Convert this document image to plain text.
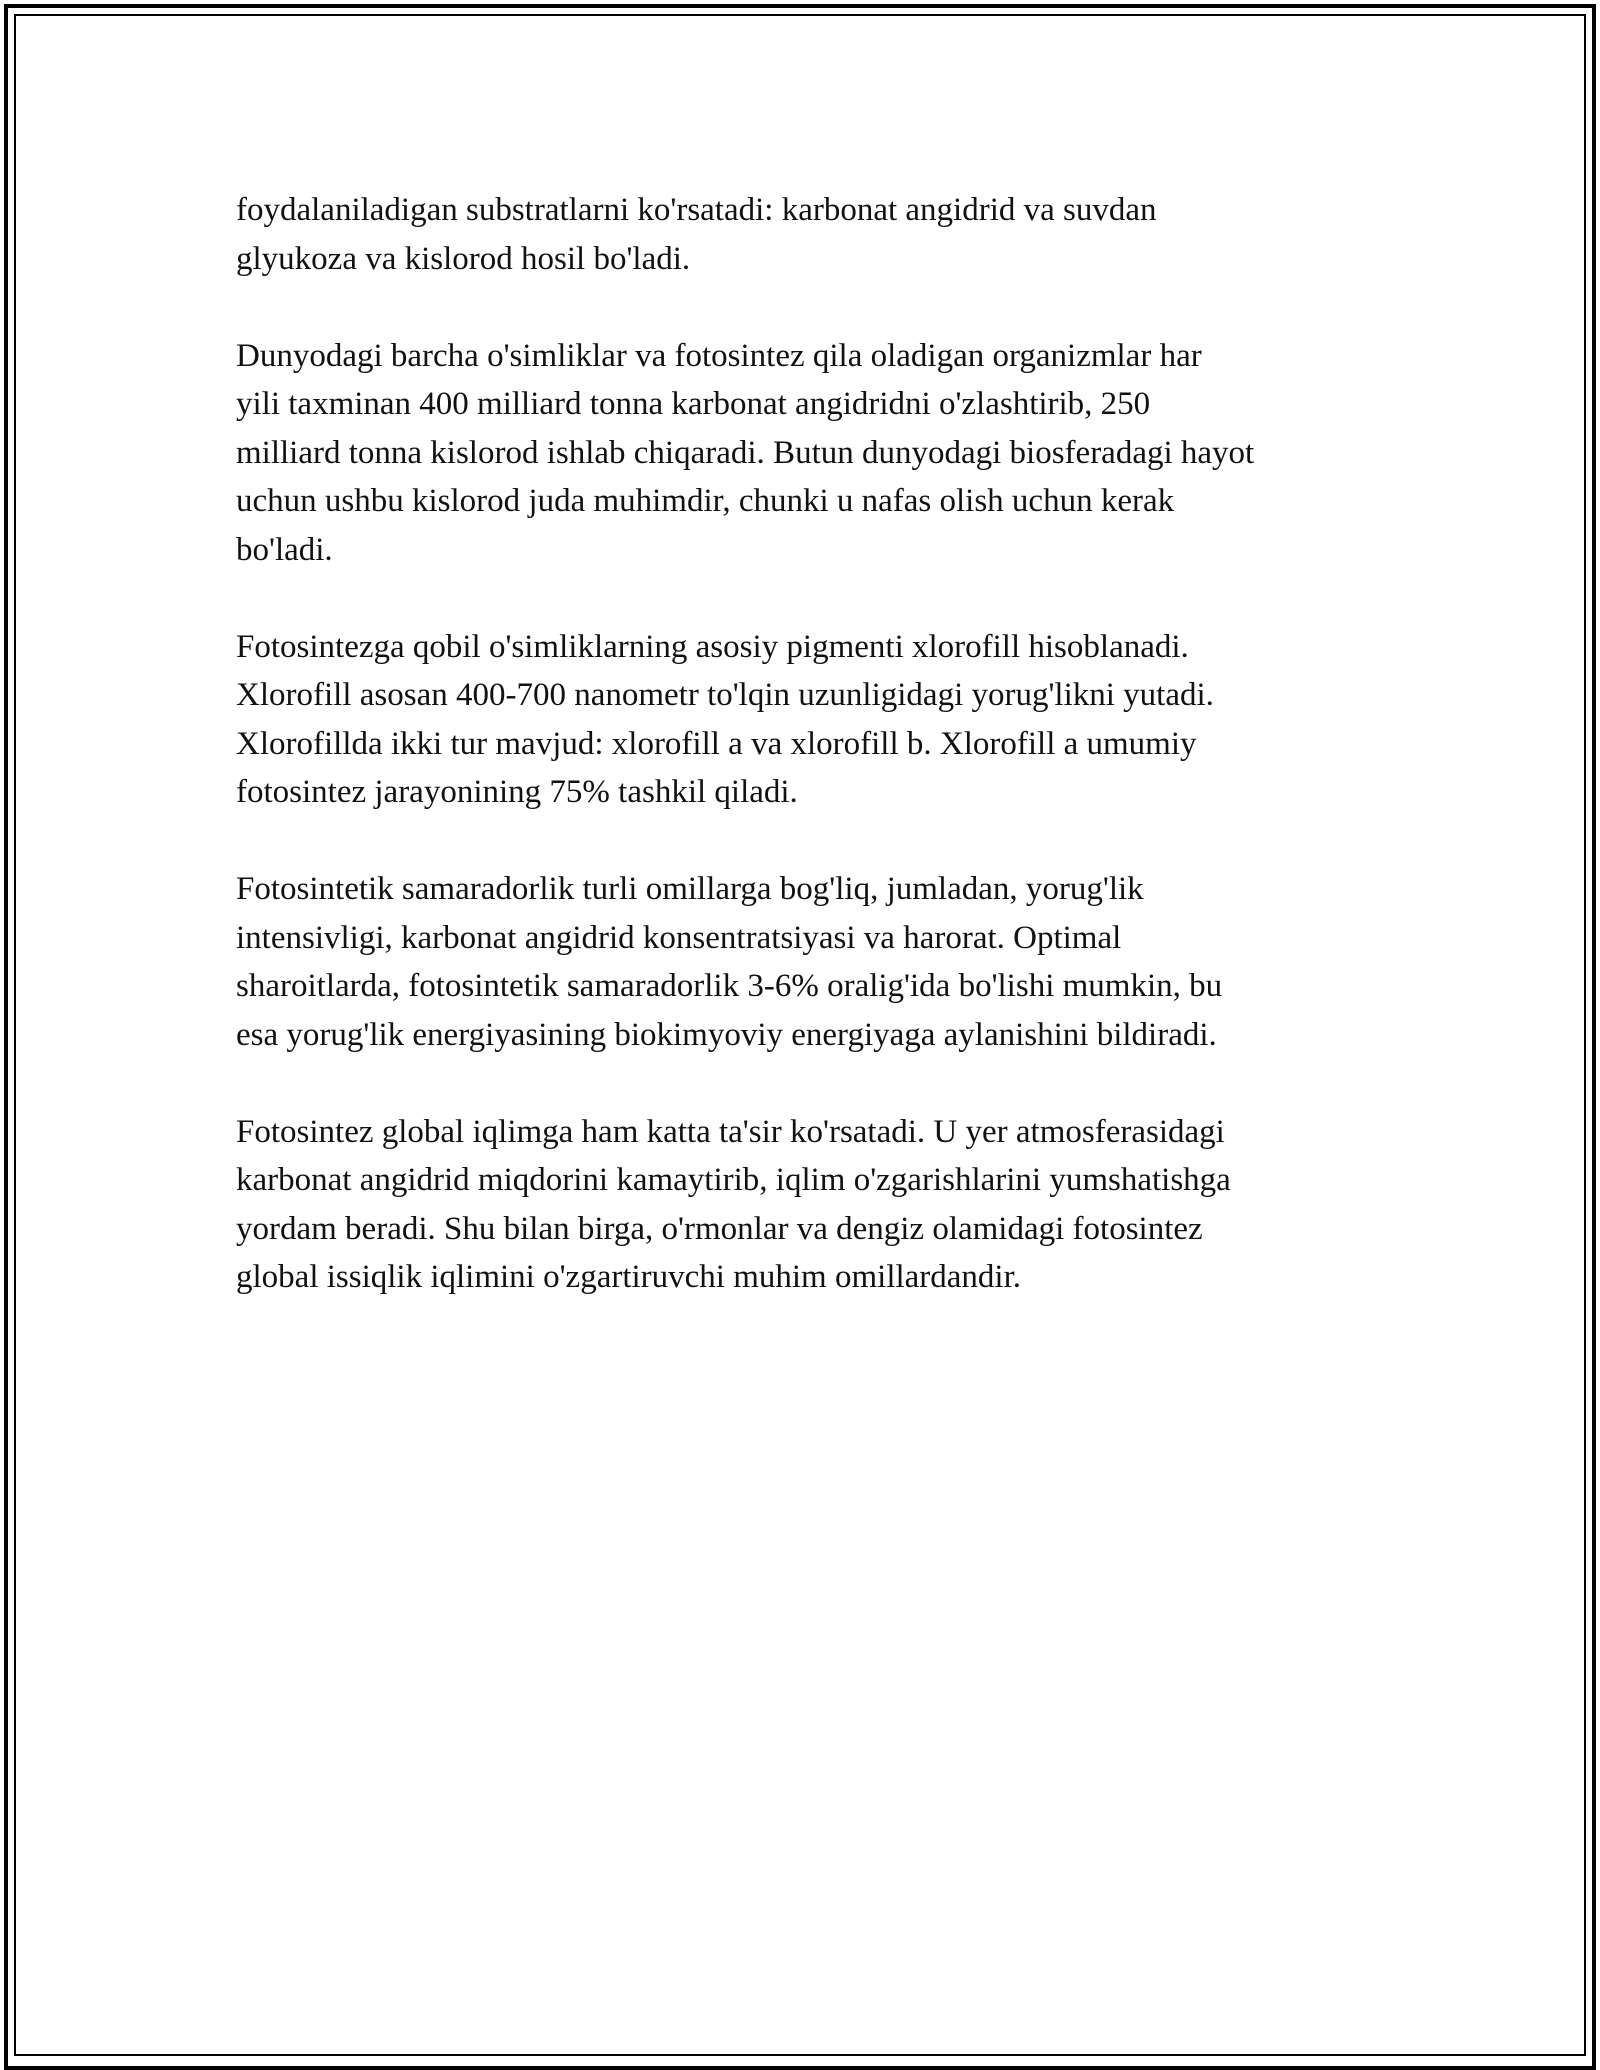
foydalaniladigan substratlarni ko'rsatadi: karbonat angidrid va suvdan
glyukoza va kislorod hosil bo'ladi.

Dunyodagi barcha o'simliklar va fotosintez qila oladigan organizmlar har
yili taxminan 400 milliard tonna karbonat angidridni o'zlashtirib, 250
milliard tonna kislorod ishlab chiqaradi. Butun dunyodagi biosferadagi hayot
uchun ushbu kislorod juda muhimdir, chunki u nafas olish uchun kerak
bo'ladi.

Fotosintezga qobil o'simliklarning asosiy pigmenti xlorofill hisoblanadi.
Xlorofill asosan 400-700 nanometr to'lqin uzunligidagi yorug'likni yutadi.
Xlorofillda ikki tur mavjud: xlorofill a va xlorofill b. Xlorofill a umumiy
fotosintez jarayonining 75% tashkil qiladi.

Fotosintetik samaradorlik turli omillarga bog'liq, jumladan, yorug'lik
intensivligi, karbonat angidrid konsentratsiyasi va harorat. Optimal
sharoitlarda, fotosintetik samaradorlik 3-6% oralig'ida bo'lishi mumkin, bu
esa yorug'lik energiyasining biokimyoviy energiyaga aylanishini bildiradi.

Fotosintez global iqlimga ham katta ta'sir ko'rsatadi. U yer atmosferasidagi
karbonat angidrid miqdorini kamaytirib, iqlim o'zgarishlarini yumshatishga
yordam beradi. Shu bilan birga, o'rmonlar va dengiz olamidagi fotosintez
global issiqlik iqlimini o'zgartiruvchi muhim omillardandir.
